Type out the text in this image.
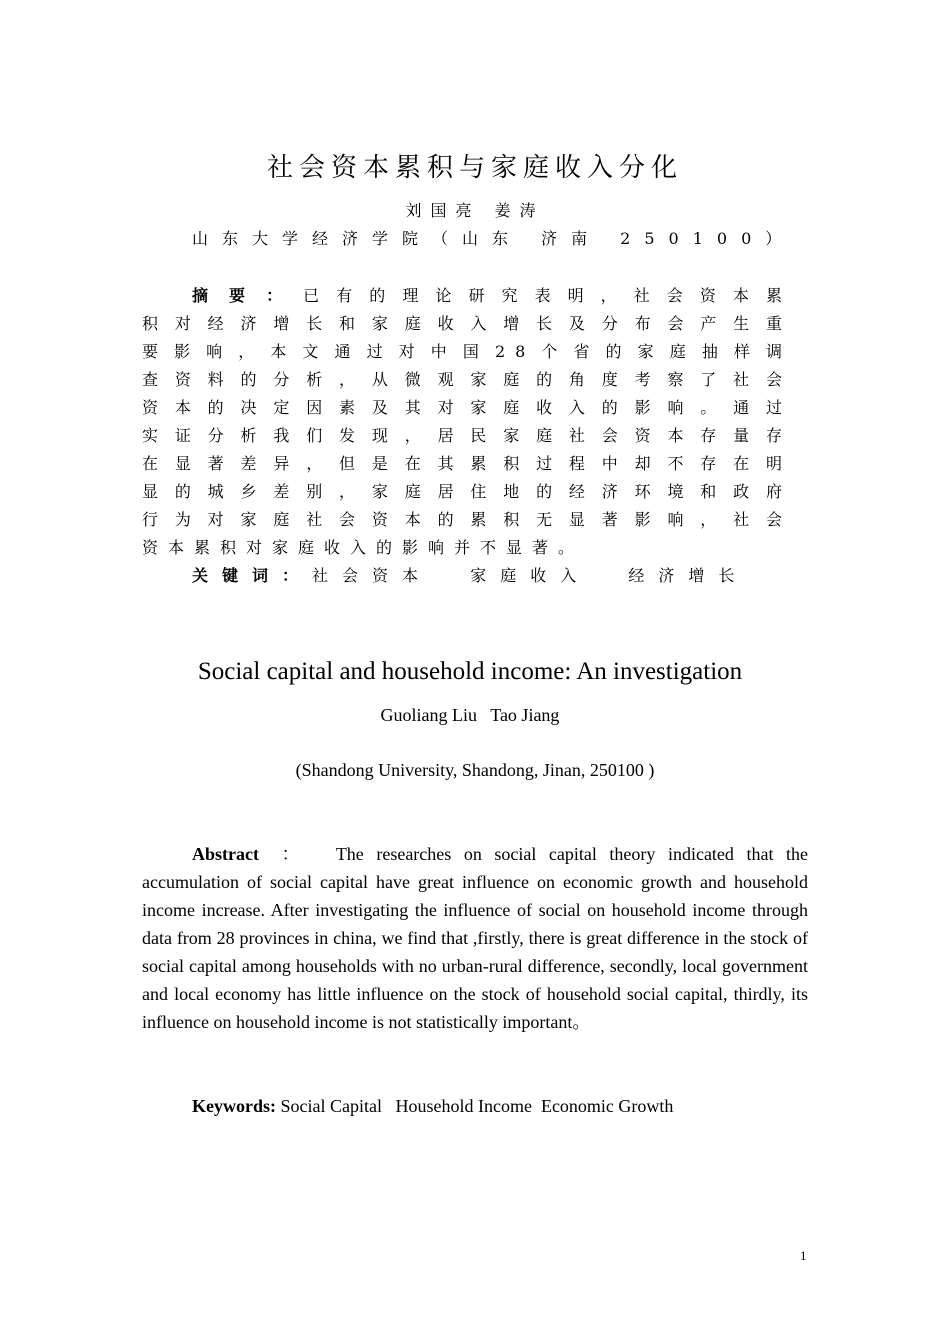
社会资本累积与家庭收入分化
刘国亮 姜涛
山东大学经济学院（山东 济南 250100）
摘要：已有的理论研究表明，社会资本累
积对经济增长和家庭收入增长及分布会产生重
要影响，本文通过对中国28个省的家庭抽样调
查资料的分析，从微观家庭的角度考察了社会
资本的决定因素及其对家庭收入的影响。通过
实证分析我们发现，居民家庭社会资本存量存
在显著差异，但是在其累积过程中却不存在明
显的城乡差别，家庭居住地的经济环境和政府
行为对家庭社会资本的累积无显著影响，社会
资本累积对家庭收入的影响并不显著。
关键词：社会资本  家庭收入  经济增长
Social capital and household income: An investigation
Guoliang Liu   Tao Jiang
(Shandong University, Shandong, Jinan, 250100 )
Abstract ： The researches on social capital theory indicated that the accumulation of social capital have great influence on economic growth and household income increase. After investigating the influence of social on household income through data from 28 provinces in china, we find that ,firstly, there is great difference in the stock of social capital among households with no urban-rural difference, secondly, local government and local economy has little influence on the stock of household social capital, thirdly, its influence on household income is not statistically important。
Keywords: Social Capital   Household Income  Economic Growth
1
